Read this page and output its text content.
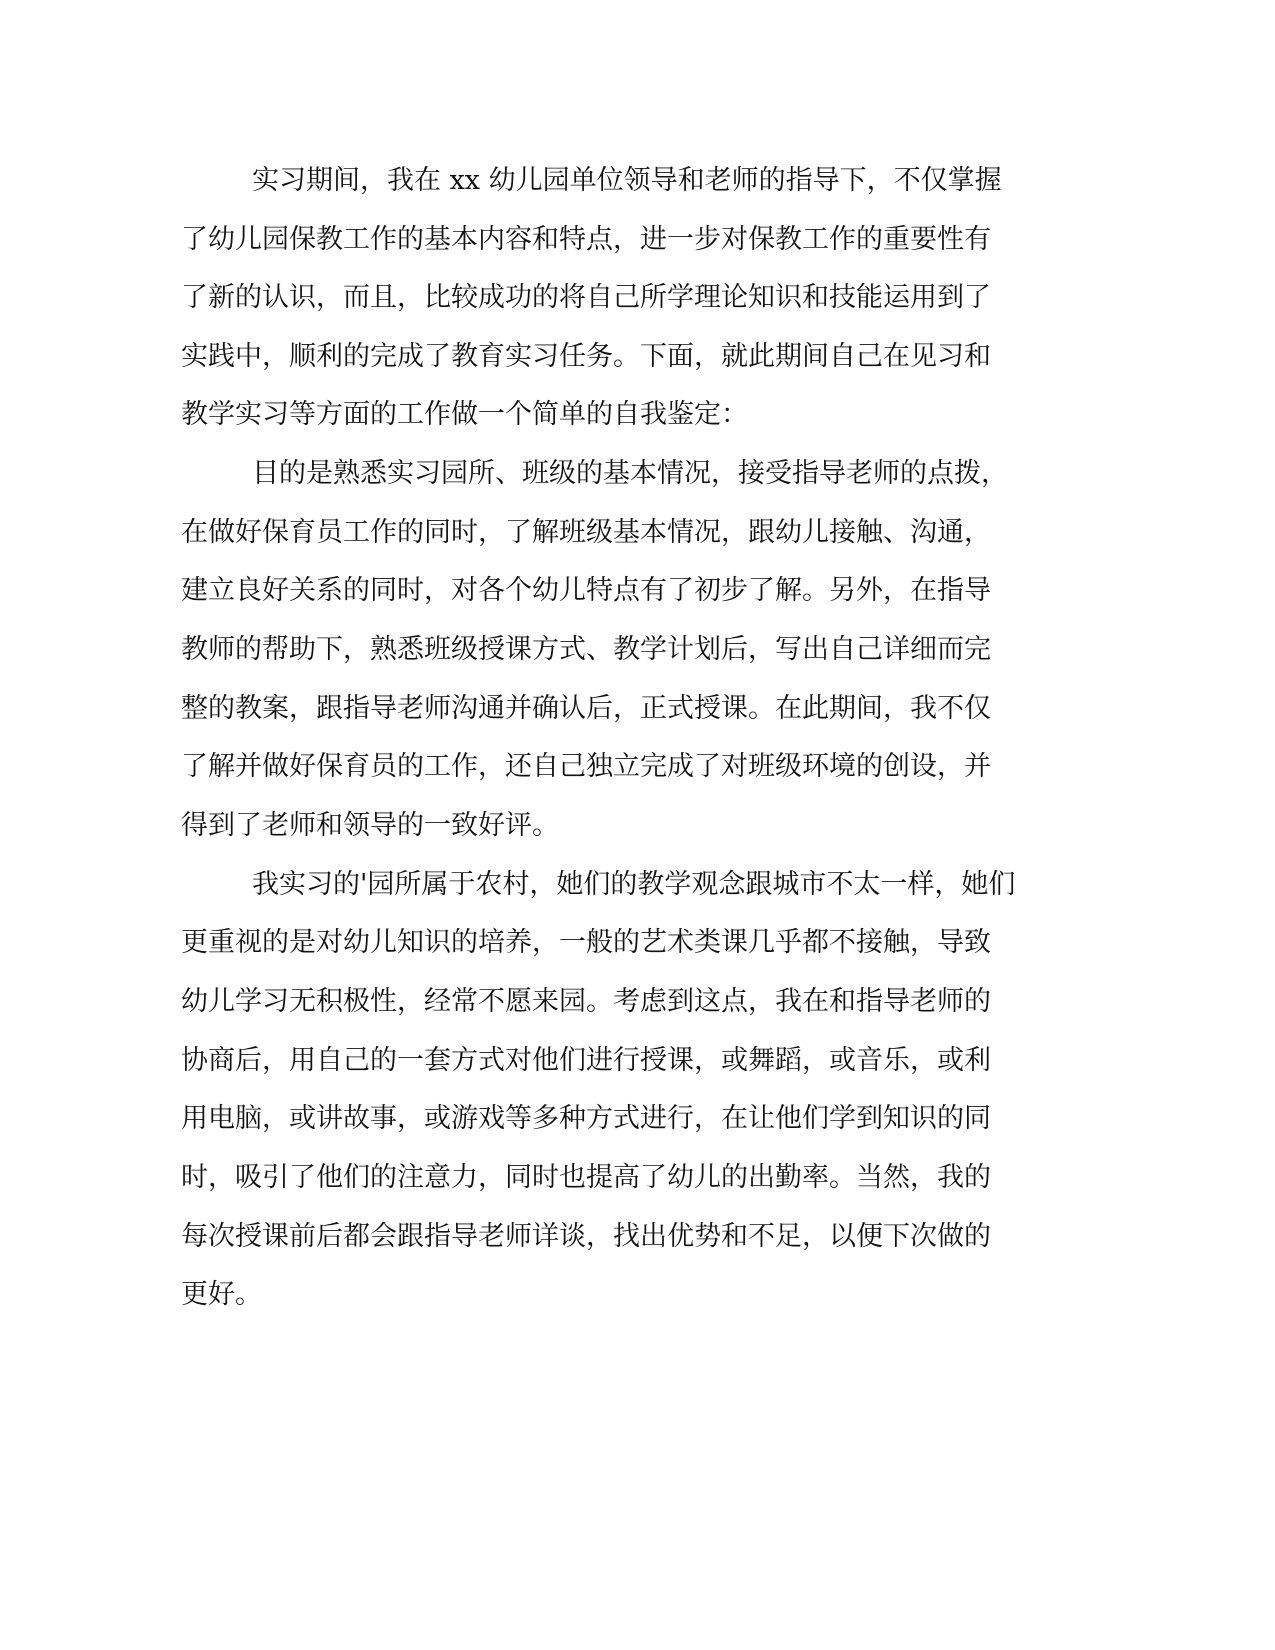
实习期间，我在 xx 幼儿园单位领导和老师的指导下，不仅掌握
了幼儿园保教工作的基本内容和特点，进一步对保教工作的重要性有
了新的认识，而且，比较成功的将自己所学理论知识和技能运用到了
实践中，顺利的完成了教育实习任务。下面，就此期间自己在见习和
教学实习等方面的工作做一个简单的自我鉴定：
目的是熟悉实习园所、班级的基本情况，接受指导老师的点拨，
在做好保育员工作的同时，了解班级基本情况，跟幼儿接触、沟通，
建立良好关系的同时，对各个幼儿特点有了初步了解。另外，在指导
教师的帮助下，熟悉班级授课方式、教学计划后，写出自己详细而完
整的教案，跟指导老师沟通并确认后，正式授课。在此期间，我不仅
了解并做好保育员的工作，还自己独立完成了对班级环境的创设，并
得到了老师和领导的一致好评。
我实习的'园所属于农村，她们的教学观念跟城市不太一样，她们
更重视的是对幼儿知识的培养，一般的艺术类课几乎都不接触，导致
幼儿学习无积极性，经常不愿来园。考虑到这点，我在和指导老师的
协商后，用自己的一套方式对他们进行授课，或舞蹈，或音乐，或利
用电脑，或讲故事，或游戏等多种方式进行，在让他们学到知识的同
时，吸引了他们的注意力，同时也提高了幼儿的出勤率。当然，我的
每次授课前后都会跟指导老师详谈，找出优势和不足，以便下次做的
更好。
